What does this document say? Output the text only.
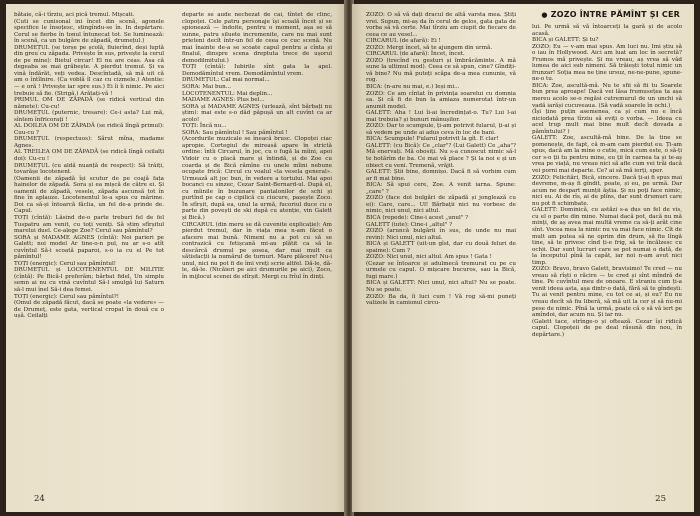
bătaie, că-i tîrziu, aci pică tremul. Mișcati.

(Cuti se cunisonal ini încet din scenă, agonele specifice le însoțesc, stingîndu-se în. In depărtare. Cerul se fierbe în tonul întunecat tot. Se luminează: în scenă, ca un bulgăre de zăpadă, drumețul.)

DRUMEȚUL (se torșe pe școlă, fluierînd, deși luptă din greu cu zăpada. Privește în sus, privește la cerul de pe mine): Bietul circar! El nu are ceas. Asa că degeaba se mai grăbește. A pierdut tremul. Și va vină îndărăt, veți vedea. Descîntadă, să mă uit că am o întîlnire. (Ca voblă îl caz cu cizmele.) Atentie: — e oră ! Privește iar spre sus.) Ei îi îi nimic. Pe aici trebuie să fie. (Strigă.) Arătați-vă !

PRIMUL OM DE ZĂPADĂ (se ridică vertical din nămete): Cu-cu!

DRUMEȚUL (puternic, tresare): Ce-i asta? Lui mă, sîntem înfricorați !

AL DOILEA OM DE ZĂPADĂ (se ridică lîngă primul): Cuu-cu ?

DRUMEȚUL (respectuos): Sărut mîna, madame Agnes.

AL TREILEA OM DE ZĂPADĂ (se ridică lîngă ceilalți doi): Cu-cu !

DRUMEȚUL (cu aldă nuanță de respect): Să trăiți, tovarășe locotenent.

(Oamenii de zăpadă își scutur de pe coajă fața hainelor de zăpadă. Sora și ea mișcă de către ei. Și oamenii de zăpadă, vesele, zăpada ascunsă tot în fine în aplauze. Locotenentul le-a spus cu mărime. Doi ca să-și întoarcă făclia, un fel de-a prinde de. Capul.

TOȚI (cîntă): Lăsind de-o parte treburi fel de fel Tuspatru am venit, cu toți veniți. Să stim sfîrșitul marelui duel. Ce-alege Zoe? Cerul sau pămîntul?

SORA și MADAME AGNES (cîntă): Noi parieri pe Galett; noi model Ar tine-o-n pul, nu ar s-o atît cuvîntul Să-i scoată paparoi, s-o ia cu el Pe tot pămîntul!

TOȚI (energic): Cerul sau pămîntul!

DRUMEȚUL și LOCOTENENTUL DE MILITIE (cîntă): Pe Bică-l preferăm; bărbat fidel, Un simplu semn ai nu cu vină cuvîntul Să-l smulgă lui Saturn să-l mui înel Să-i dea femei.

TOȚI (energic): Cerul sau pămîntul?!

(Omul de zăpadă făcut, dacă se poate «la vedere» — de Drumeț, este gata, vertical cropat în două cu o ușă. Ceilalți

departe se aude nechezat de cai, tîntet de clinc, clopoței. Cele patru personaje își scoală încet și se spionează — îndoite, pentru o moment, așa se să sunne, patru siluete incremenite, care nu mai sunt prieteni decît într-un fel de ceea ce cuc scenă. Nu mai înainte de-a se scoate capul pentru a cînta și finalul, dinspre scena dreptuta trece de ușorul demodilmitului.)

TOȚI (cîntă): Iubirile sînt gata la apel. Demodămîntul vrem. Demodămîntul vrem.

DRUMEȚUL: Cal mai normal...

SORA: Mai bun...

LOCOTENENTUL: Mai deplin...

MADAME AGNES: Plus bel...

SORA și MADAME AGNES (urlează, sînt bărbați nu știm): mai este s-o dăd păpușă un alt cuvînt ca ar acolo!

TOȚI: Încă nu...

SORA: Sau pămîntul ! Sau pămîntul !

(Acordurile muzicale se îneacă brusc. Clopoței ciac apropie. Cortegiul de mireasă apare în strictă ordine: întîi Circarul, în joc, cu o fugă la mîini, apoi Vidoir cu o placă mare și întindă, și de Zoe cu coarda și de Bică rămîne cu unele mîini nebune ocupate frică: Circul cu voalul «la vesela general». Urmează alt joc bun, în vedere a tortului. Mai apoi bocanci cu sinzec, Cezar Saint-Bernard-ul. După el, cu mîinile în buzunare pantalonilor de schi și purtînd pe cap o cipilică cu ciucure, pașește Zoco. În sfîrșit, după ea, unul la urmă, fucoriul duce cu o parte din povești de ski după cu atenție, vin Galett și Bică.)

CIRCARUL (din meru se dă cuvenite explicație): Am pierdut tremul, dar în viața mea n-am făcut o afacere mai bună. Nimeni nu a pot cu să se contrazică cu fetișcană mi-au plătit ca să le descărcă drumul pe șosea, dar mai mult ca sătisfacții la numărul de turnuri. Mare plăcere! Nu-i unul, nici nu pot fi de îmi vreți scrie altfel. Dă-le, dă-le, dă-le. (Nicăieri pe aici drumurile pe aici), Zoco, în mijlocul scenei de sfîrșit. Mergi cu frîul în dinți.

24
● ZOZO ÎNTRE PĂMÎNT ȘI CER

ZOZO: O să vă dați dracul de altă varsta mea. Știți vrei. Supun, mi-aș da în cerul de gelos, gata gata de vorba să vă certe. Mai tîrziu am ciupit de fiecare de ceea ce au vesel...

CIRCARUL (de afară): Ei !

ZOZO: Mergi încet, să te ajungem din urmă.

CIRCARUL (de afară): Încet, încet.

ZOZO (trecînd cu gesturi și îmbrăcăminte. A mă sune la ultimul mod). Ceea ce să spun, cine? Gîndiți-vă bine? Nu mă puteți scăpa de-a mea cununie, vă rog.

BICA: (n-are nu mai, e.) Ieși mi...

ZOZO: Ce am cîntat în privința soarelui cu domnia sa. Și că fi de bun la amiaza numerotat într-un anumit model.

GALETT: Aha ! Lui îi-ai încredințat-o. Tu? Lui l-ai mai trebuia? și bunuri mânușilor.

ZOZO: Dar te scumpule, ți-am potrivit fularul, ți-ai și să vedem pe unde ai adus ceva în loc de bani.

BICA: Scumpule! Fularul potrivit la gît. E clar!

GALETT: (cu Bică): Ce „clar"? (Lui Galett) Ce „aha"? Mă enervați. Mă obosiți. Nu s-a cunoscut nimic să-l te hotărîm de ba. Ce mai vă place ? Și la noi e și un obiect cu veni. Tremenă, vrăjit.

GALETT: Știi bine, domnișo. Dacă fi să vorbim cum ar fi mai bine.

BICA: Să spui cere, Zoe. A venit iarna. Spune: „care" ?

ZOZO (face doi bulgări de zăpadă și jonglează cu ei): Care, care... Ul! Bărbații nici nu vorbesc de nimic, nici unul, nici altul.

BICA (repede): Cine-i acest „unul" ?

GALETT (iute): Cine-i „altul" ?

ZOZO (aruncă bulgării în sus, de unde nu mai revin): Nici unul, nici altul.

BICA și GALETT (uit-un gîst, dar cu două feluri de spaime): Cum ?

ZOZO: Nici unul, nici altul. Am spus ! Gata !

(Cezar se întoarce și adulmecă tremurat cu pe cu urmele cu capul. O mișcare bucuros, sau la Bică, fugi mare.)

BICA și GALETT: Nici unul, nici altul? Nu se poate. Nu se poate.

ZOZO: Ba da, îi luci cum ! Vă rog să-mi puneți valizele în camionul circu-

lui. Pe urmă să vă întoarceți la gară și de acolo acasă.

BICA și GALETT: Și tu?

ZOZO: Eu — v-am mai spus. Am luci nu. Imi știu să o iau în Hollywood. Aici am luat am loc în secretă? Frumos mă privește. Și nu vreau, aș vrea să văd lumea de aici sub nimeni. Să trăiești totul nimic un frunzar! Soția mea ne ține ursuz, ne-ne-pune, spune-ne-o tu.

BICA: Zoe, ascultă-mă. Nu te sfii să fii tu Soarele bun prea aproape! Dacă vei lăsa frumusețea ta așa mereu acolo se-o regăsi cutremurul de un unchi să vadă iarăși cucuveaua. (Să vadă soarele în ochi.)

(Își ține puțin asemenea, ca și cum nu e încă niciodată prea tîrziu să eviți o vorba. — Ideea cu acel trup mult mai bine mult decît dovada a pămîntului? )

GALETT: Zoe, ascultă-mă bine. De la tine se pomenește, de fapt, că m-am cam pierdut eu. Ți-am spus, dacă am la mine o cutie, mică cum este, o să-ți cer s-o ții tu pentru mine, eu ții în carnea ta și te-aș vrea pe viață, nu vreau nici să afle cum vei trăi dacă vei porni mai departe. Ce? ai să mă ierți, sper.

ZOZO: Felicitări, Bică, sincere. Dacă ți-ai fi spus mai devreme, m-aș fi gîndit, poate, și eu, pe urmă. Dar acum ne despart munții ăștia. Și nu poți face nimic, nici eu. Ai de rîs, ai de plîns, dar sunt drumuri care nu pot fi schimbate.

GALETT: Dominică, cu astăzi s-a dus un fel de vis, cu el o parte din mine. Numai dacă pot, dacă nu mă minți, de aș avea mai multă vreme ca să-ți arăt cine sînt. Vocea mea la nimic nu va mai face nimic. Cît de mult am putea să ne oprim din drum, să fiu lîngă tine, să te privesc cînd ți-e frig, să te încălzesc cu ochii. Dar sunt lucruri care se pot numai o dată, de la începutul pînă la capăt, iar noi n-am avut nici timp.

ZOZO: Bravo, bravo Galett, bravisimo! Te cred — nu vreau să rîști o răcire — te cred și sînt mîndră de tine. Pe cuvîntul meu de onoare. E straniu cum ți-a venit ideea asta, așa dintr-o dată, fără să te gîndești. Tu ai venit pentru mine, cu tot ce ai, și eu? Eu nu vreau decît să fiu liberă, să mă uit la cer și să nu-mi pese de nimic. Pînă la urmă, poate că o să vă iert pe amîndoi, dar acum nu. Și iar nu.

(Galett tace, strînge-o și oftează. Cezar își ridică capul. Clopoțeii de pe deal răsună din nou, în depărtare.)

25
